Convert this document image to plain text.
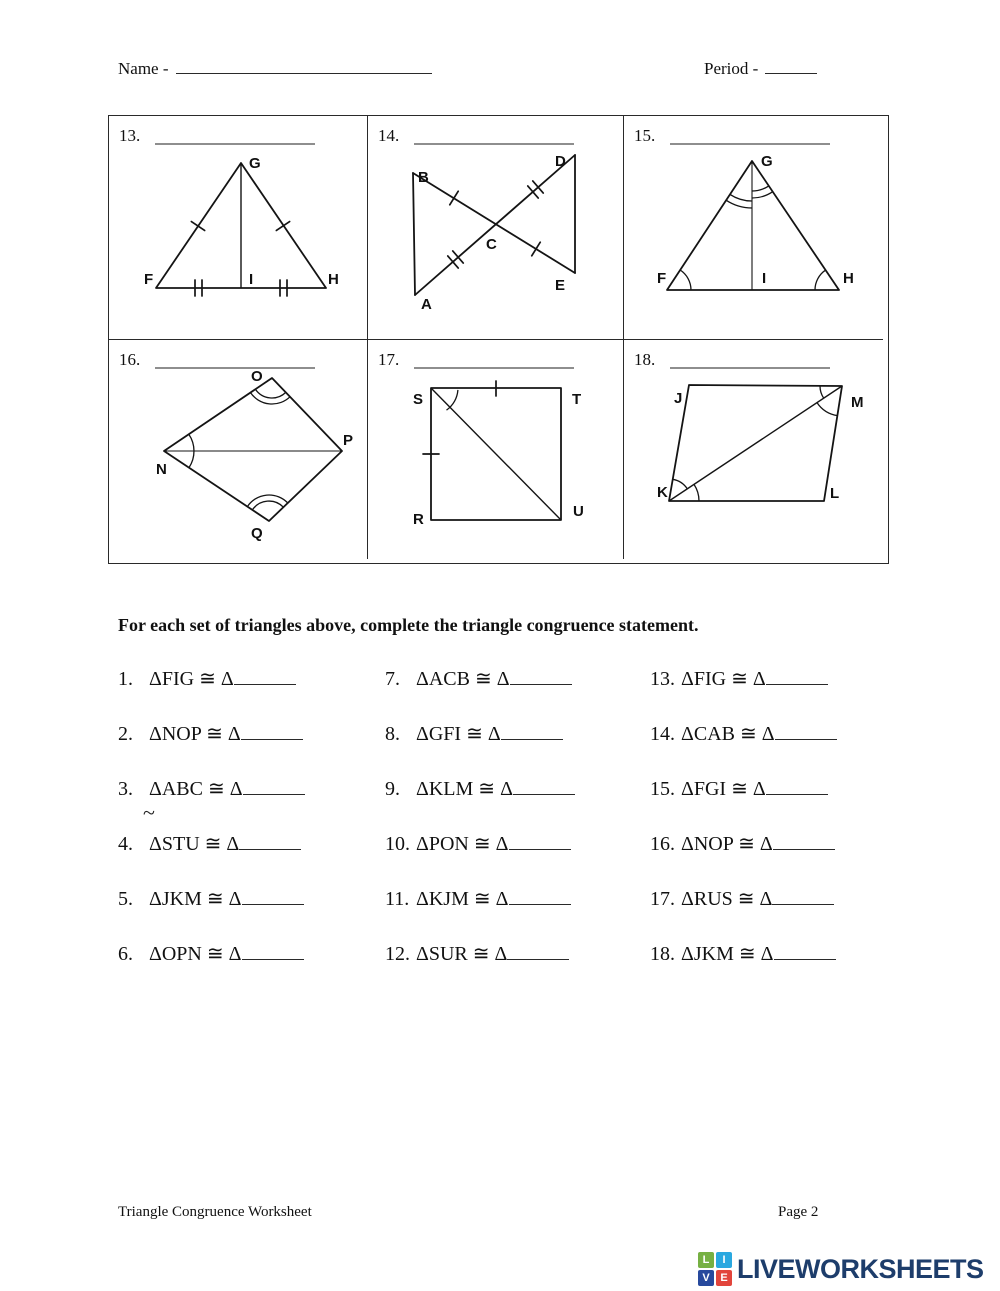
Name -	Period -
13.
G
F	I	H
14.
B
D
C
A
E
15.
G
F	I	H
16.
O
P
N
Q
17.
S	T
R	U
18.
J	M
K	L
For each set of triangles above, complete the triangle congruence statement.
1. ΔFIG ≅ Δ
2. ΔNOP ≅ Δ
3. ΔABC ≅ Δ
4. ΔSTU ≅ Δ
5. ΔJKM ≅ Δ
6. ΔOPN ≅ Δ
7. ΔACB ≅ Δ
8. ΔGFI ≅ Δ
9. ΔKLM ≅ Δ
10. ΔPON ≅ Δ
11. ΔKJM ≅ Δ
12. ΔSUR ≅ Δ
13. ΔFIG ≅ Δ
14. ΔCAB ≅ Δ
15. ΔFGI ≅ Δ
16. ΔNOP ≅ Δ
17. ΔRUS ≅ Δ
18. ΔJKM ≅ Δ
~
Triangle Congruence Worksheet	Page 2
L	I
V E LIVEWORKSHEETS
